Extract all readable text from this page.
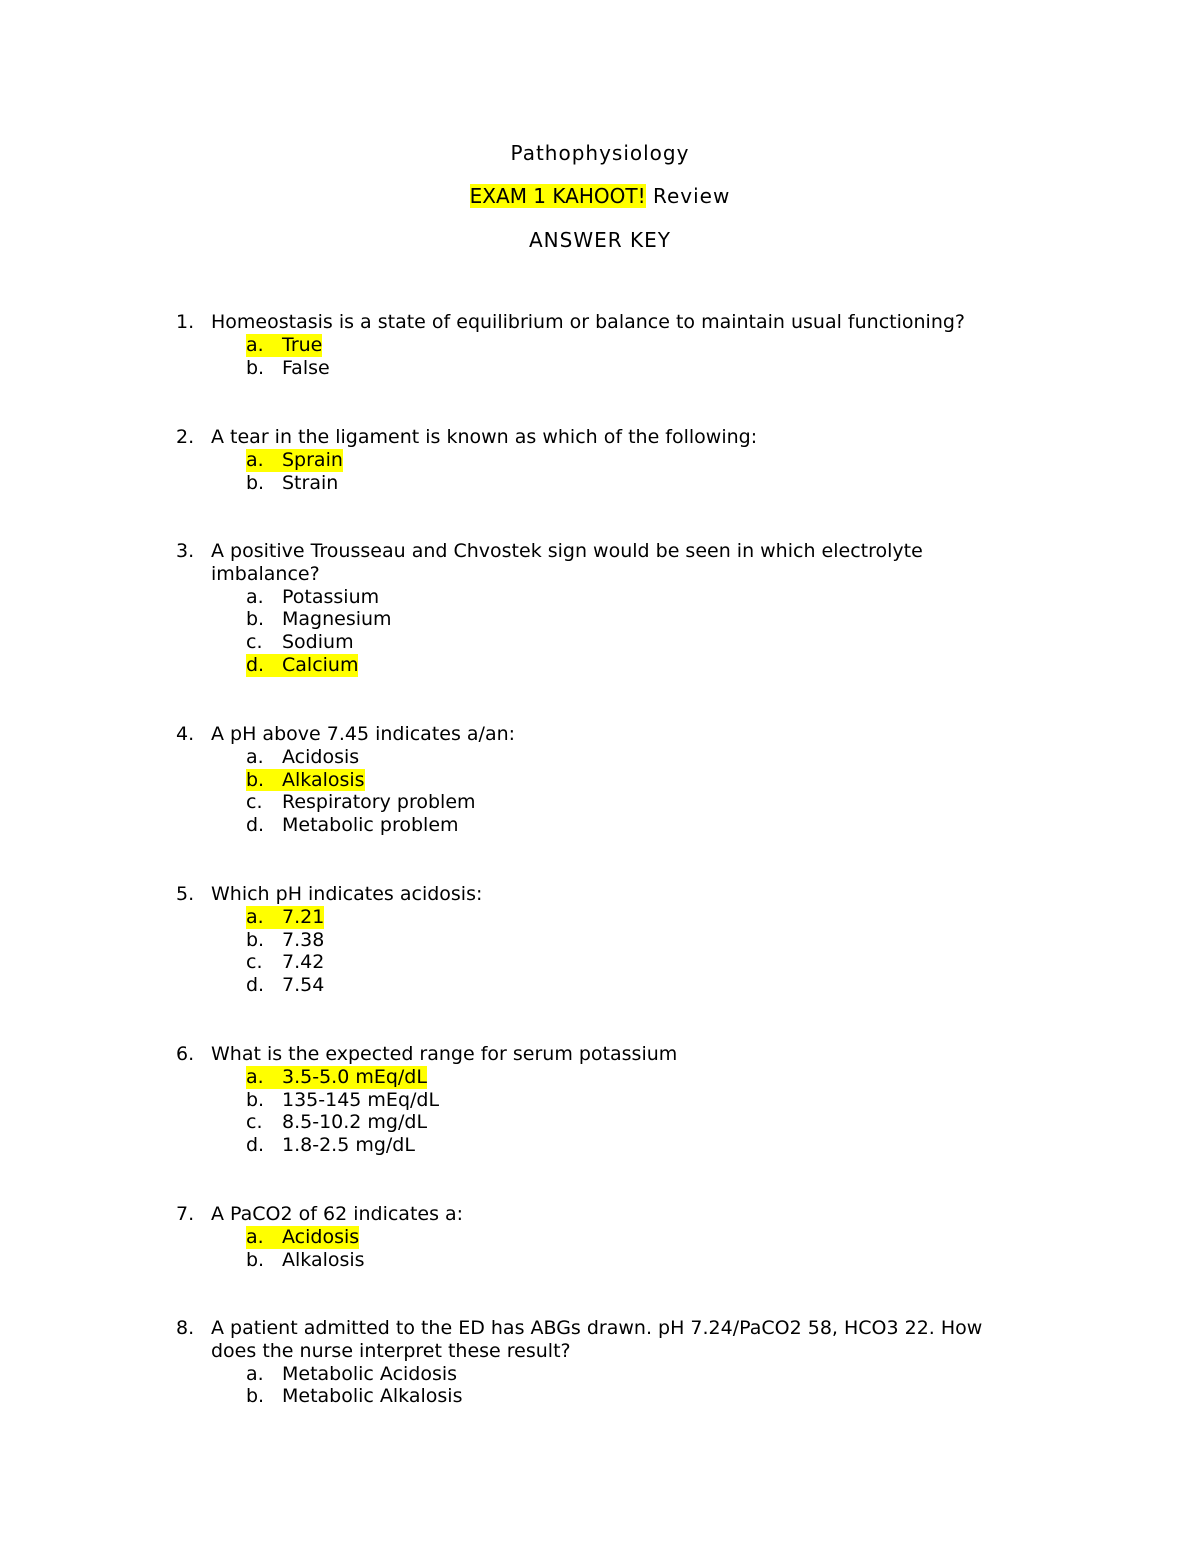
Pathophysiology
EXAM 1 KAHOOT! Review
ANSWER KEY
1. Homeostasis is a state of equilibrium or balance to maintain usual functioning?
a. True
b. False
2. A tear in the ligament is known as which of the following:
a. Sprain
b. Strain
3. A positive Trousseau and Chvostek sign would be seen in which electrolyte imbalance?
a. Potassium
b. Magnesium
c. Sodium
d. Calcium
4. A pH above 7.45 indicates a/an:
a. Acidosis
b. Alkalosis
c. Respiratory problem
d. Metabolic problem
5. Which pH indicates acidosis:
a. 7.21
b. 7.38
c. 7.42
d. 7.54
6. What is the expected range for serum potassium
a. 3.5-5.0 mEq/dL
b. 135-145 mEq/dL
c. 8.5-10.2 mg/dL
d. 1.8-2.5 mg/dL
7. A PaCO2 of 62 indicates a:
a. Acidosis
b. Alkalosis
8. A patient admitted to the ED has ABGs drawn. pH 7.24/PaCO2 58, HCO3 22. How does the nurse interpret these result?
a. Metabolic Acidosis
b. Metabolic Alkalosis
